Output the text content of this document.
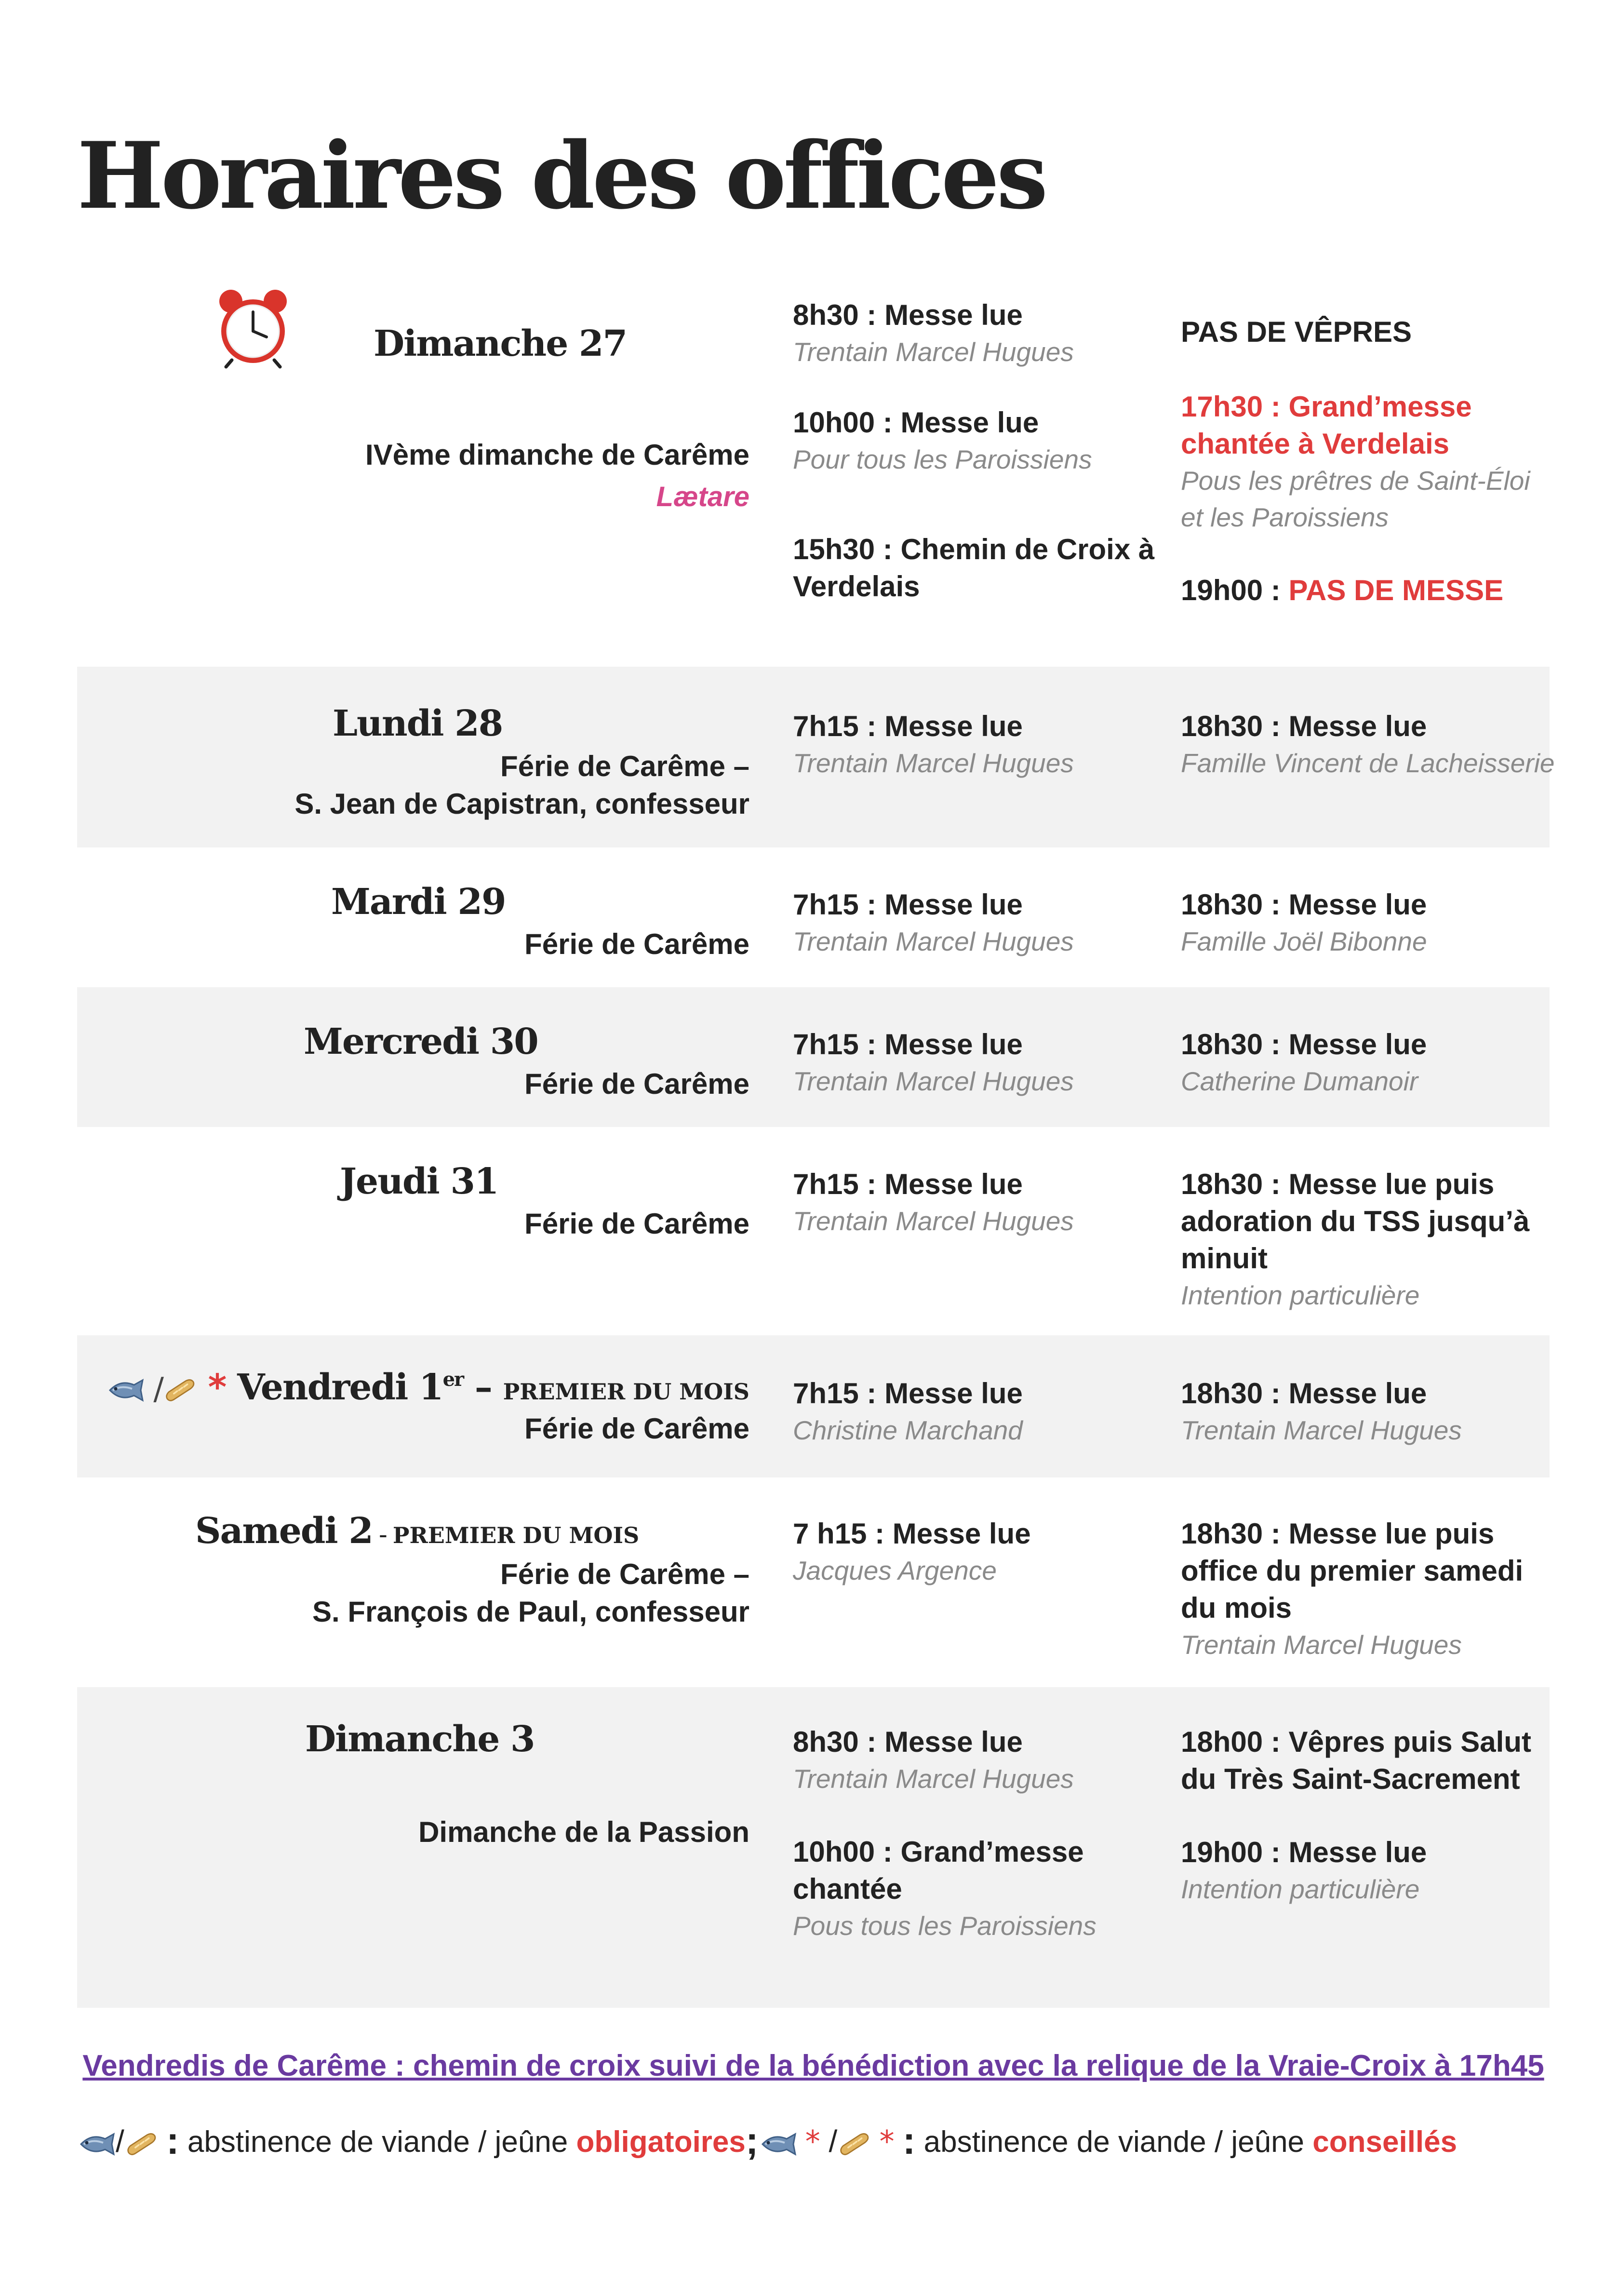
Horaires des offices
Dimanche 27
IVème dimanche de Carême
Lætare
8h30 : Messe lue
Trentain Marcel Hugues
10h00 : Messe lue
Pour tous les Paroissiens
15h30 : Chemin de Croix à Verdelais
PAS DE VÊPRES
17h30 : Grand’messe chantée à Verdelais
Pous les prêtres de Saint-Éloi et les Paroissiens
19h00 : PAS DE MESSE
Lundi 28
Férie de Carême –
S. Jean de Capistran, confesseur
7h15 : Messe lue
Trentain Marcel Hugues
18h30 : Messe lue
Famille Vincent de Lacheisserie
Mardi 29
Férie de Carême
7h15 : Messe lue
Trentain Marcel Hugues
18h30 : Messe lue
Famille Joël Bibonne
Mercredi 30
Férie de Carême
7h15 : Messe lue
Trentain Marcel Hugues
18h30 : Messe lue
Catherine Dumanoir
Jeudi 31
Férie de Carême
7h15 : Messe lue
Trentain Marcel Hugues
18h30 : Messe lue puis adoration du TSS jusqu’à minuit
Intention particulière
/ * Vendredi 1er – PREMIER DU MOIS
Férie de Carême
7h15 : Messe lue
Christine Marchand
18h30 : Messe lue
Trentain Marcel Hugues
Samedi 2 - PREMIER DU MOIS
Férie de Carême –
S. François de Paul, confesseur
7 h15 : Messe lue
Jacques Argence
18h30 : Messe lue puis office du premier samedi du mois
Trentain Marcel Hugues
Dimanche 3
Dimanche de la Passion
8h30 : Messe lue
Trentain Marcel Hugues
10h00 : Grand’messe chantée
Pous tous les Paroissiens
18h00 : Vêpres puis Salut du Très Saint-Sacrement
19h00 : Messe lue
Intention particulière
Vendredis de Carême : chemin de croix suivi de la bénédiction avec la relique de la Vraie-Croix à 17h45
/ : abstinence de viande / jeûne obligatoires; * / * : abstinence de viande / jeûne conseillés
